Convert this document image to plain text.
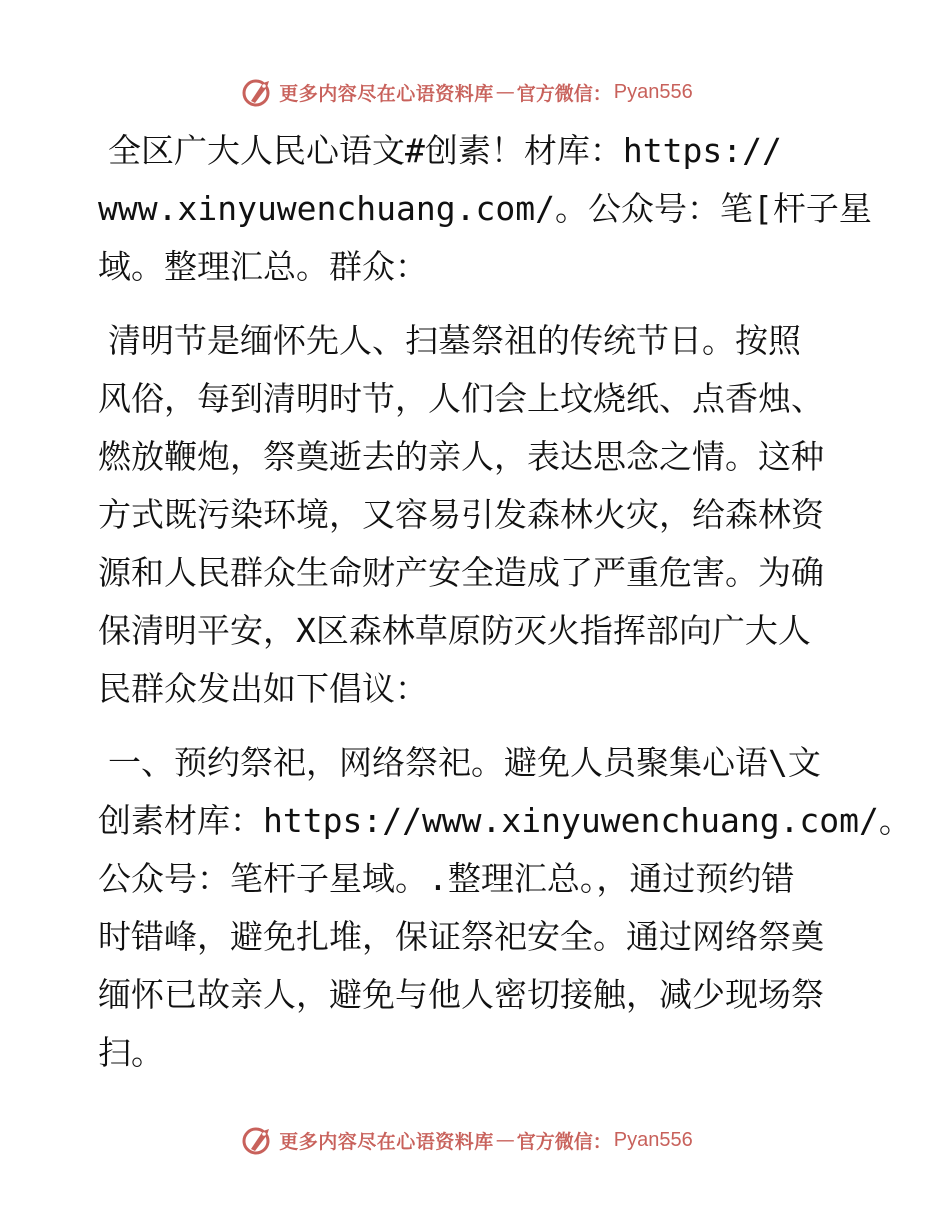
更多内容尽在心语资料库 — 官方微信： Pyan556
全区广大人民心语文#创素！材库：https://
www.xinyuwenchuang.com/。公众号：笔[杆子星
域。整理汇总。群众：
清明节是缅怀先人、扫墓祭祖的传统节日。按照
风俗，每到清明时节，人们会上坟烧纸、点香烛、
燃放鞭炮，祭奠逝去的亲人，表达思念之情。这种
方式既污染环境，又容易引发森林火灾，给森林资
源和人民群众生命财产安全造成了严重危害。为确
保清明平安，X区森林草原防灭火指挥部向广大人
民群众发出如下倡议：
一、预约祭祀，网络祭祀。避免人员聚集心语\文
创素材库：https://www.xinyuwenchuang.com/。
公众号：笔杆子星域。.整理汇总。，通过预约错
时错峰，避免扎堆，保证祭祀安全。通过网络祭奠
缅怀已故亲人，避免与他人密切接触，减少现场祭
扫。
更多内容尽在心语资料库 — 官方微信： Pyan556
